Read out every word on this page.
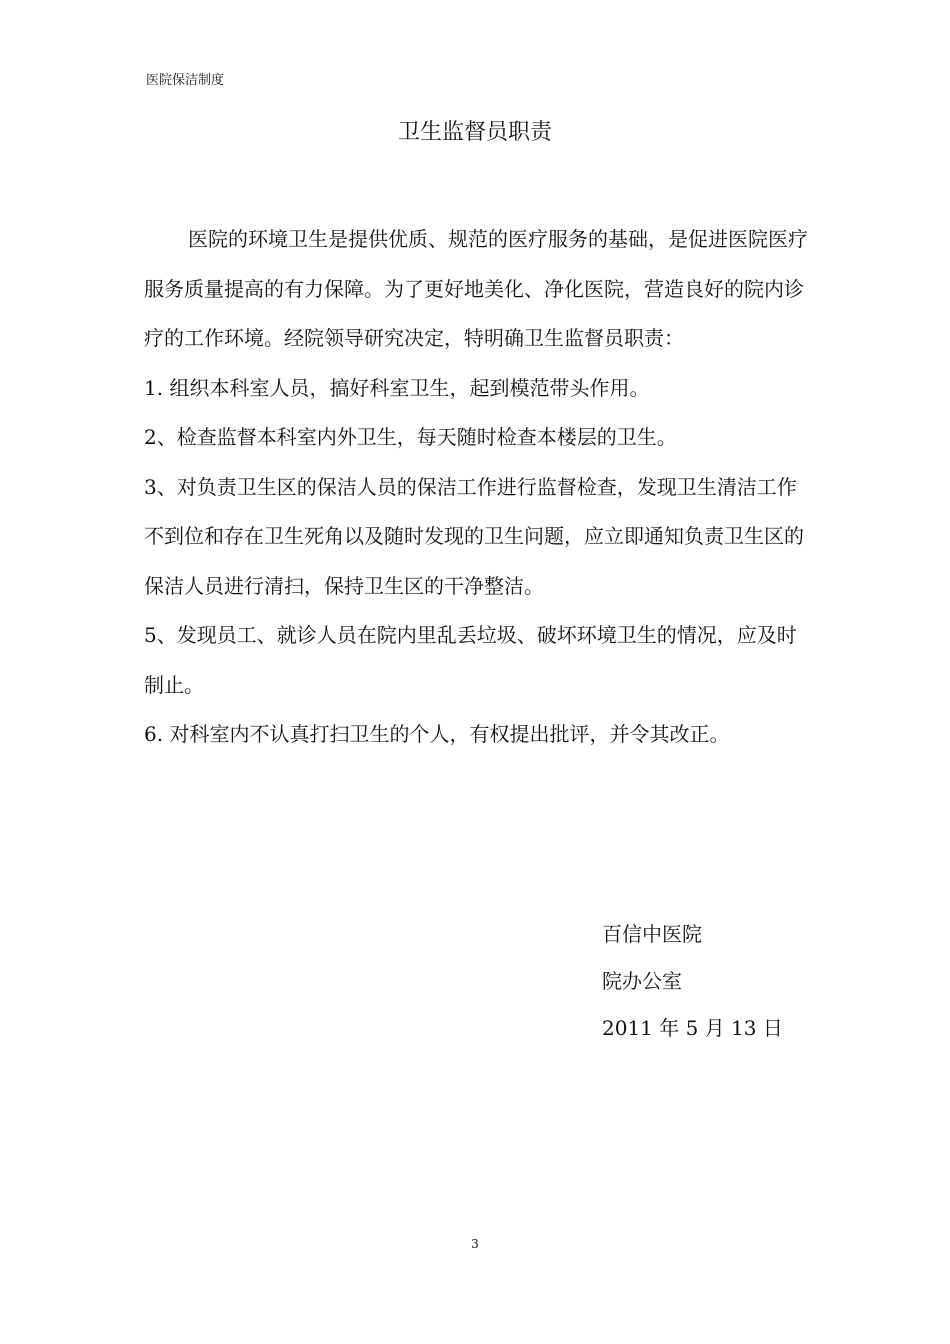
医院保洁制度
卫生监督员职责

医院的环境卫生是提供优质、规范的医疗服务的基础，是促进医院医疗服务质量提高的有力保障。为了更好地美化、净化医院，营造良好的院内诊疗的工作环境。经院领导研究决定，特明确卫生监督员职责：

1. 组织本科室人员，搞好科室卫生，起到模范带头作用。

2、检查监督本科室内外卫生，每天随时检查本楼层的卫生。

3、对负责卫生区的保洁人员的保洁工作进行监督检查，发现卫生清洁工作不到位和存在卫生死角以及随时发现的卫生问题，应立即通知负责卫生区的保洁人员进行清扫，保持卫生区的干净整洁。

5、发现员工、就诊人员在院内里乱丢垃圾、破坏环境卫生的情况，应及时制止。

6. 对科室内不认真打扫卫生的个人，有权提出批评，并令其改正。

百信中医院
院办公室
2011 年 5 月 13 日
3
